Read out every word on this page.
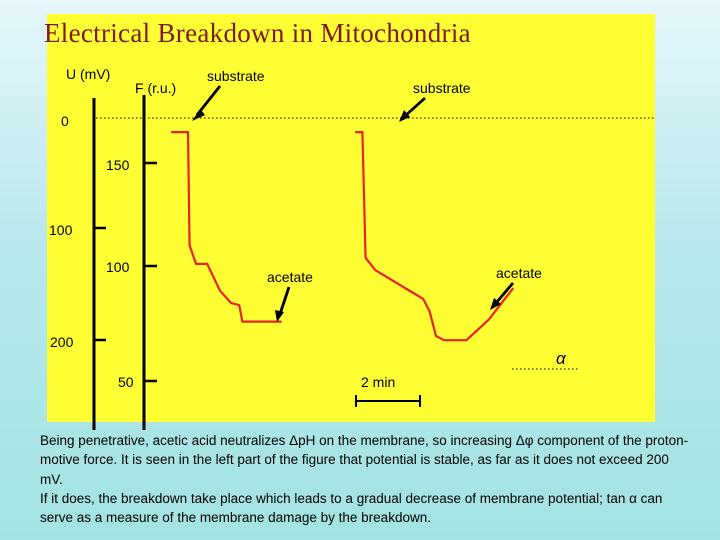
Electrical Breakdown in Mitochondria
U (mV)
0
100
200
F (r.u.)
150
100
50
substrate
substrate
acetate	acetate
α
2 min

Being penetrative, acetic acid neutralizes ΔpH on the membrane, so increasing Δφ component of the proton-motive force. It is seen in the left part of the figure that potential is stable, as far as it does not exceed 200 mV.

If it does, the breakdown take place which leads to a gradual decrease of membrane potential; tan α can serve as a measure of the membrane damage by the breakdown.
